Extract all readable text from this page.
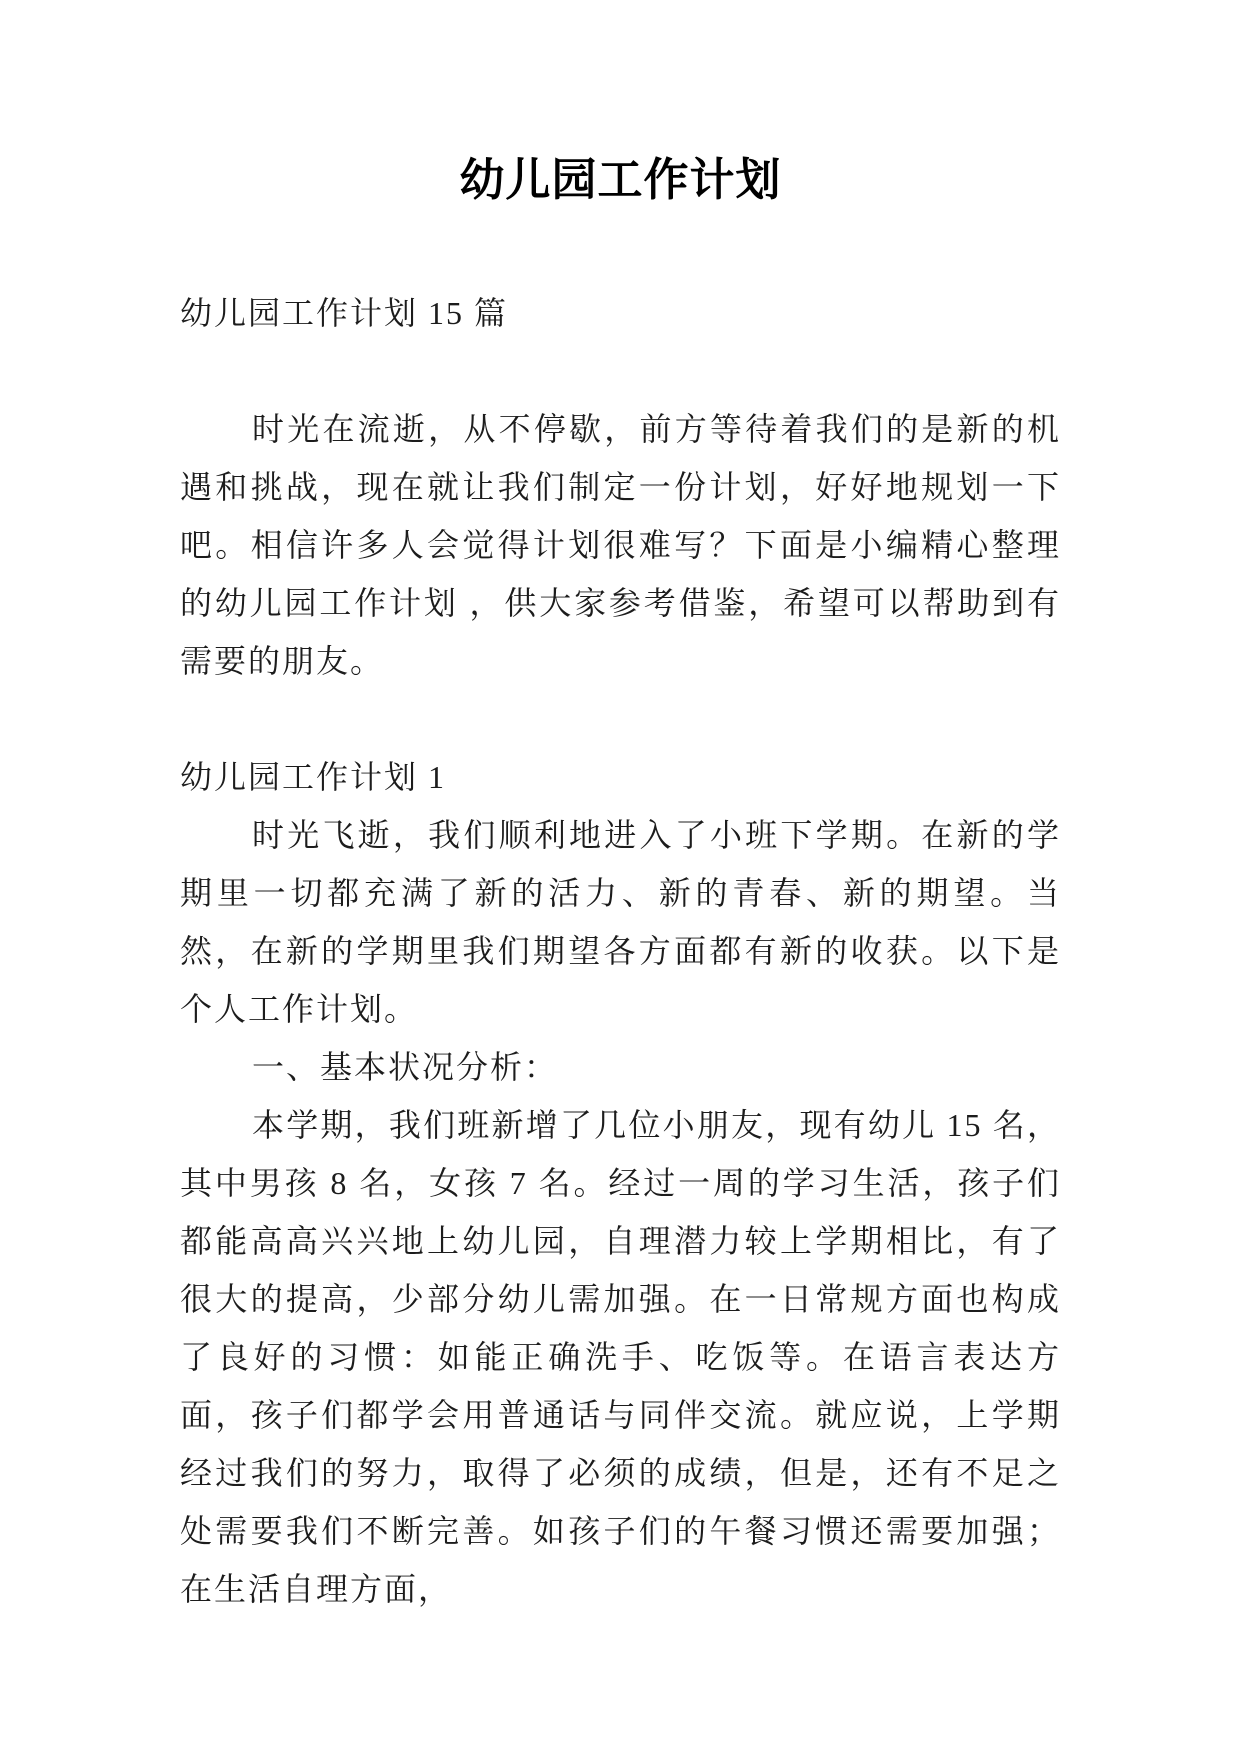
幼儿园工作计划

幼儿园工作计划 15 篇

时光在流逝，从不停歇，前方等待着我们的是新的机遇和挑战，现在就让我们制定一份计划，好好地规划一下吧。相信许多人会觉得计划很难写？下面是小编精心整理的幼儿园工作计划 ，供大家参考借鉴，希望可以帮助到有需要的朋友。

幼儿园工作计划 1

时光飞逝，我们顺利地进入了小班下学期。在新的学期里一切都充满了新的活力、新的青春、新的期望。当然，在新的学期里我们期望各方面都有新的收获。以下是个人工作计划。

一、基本状况分析：

本学期，我们班新增了几位小朋友，现有幼儿 15 名，其中男孩 8 名，女孩 7 名。经过一周的学习生活，孩子们都能高高兴兴地上幼儿园，自理潜力较上学期相比，有了很大的提高，少部分幼儿需加强。在一日常规方面也构成了良好的习惯：如能正确洗手、吃饭等。在语言表达方面，孩子们都学会用普通话与同伴交流。就应说，上学期经过我们的努力，取得了必须的成绩，但是，还有不足之处需要我们不断完善。如孩子们的午餐习惯还需要加强；在生活自理方面，
